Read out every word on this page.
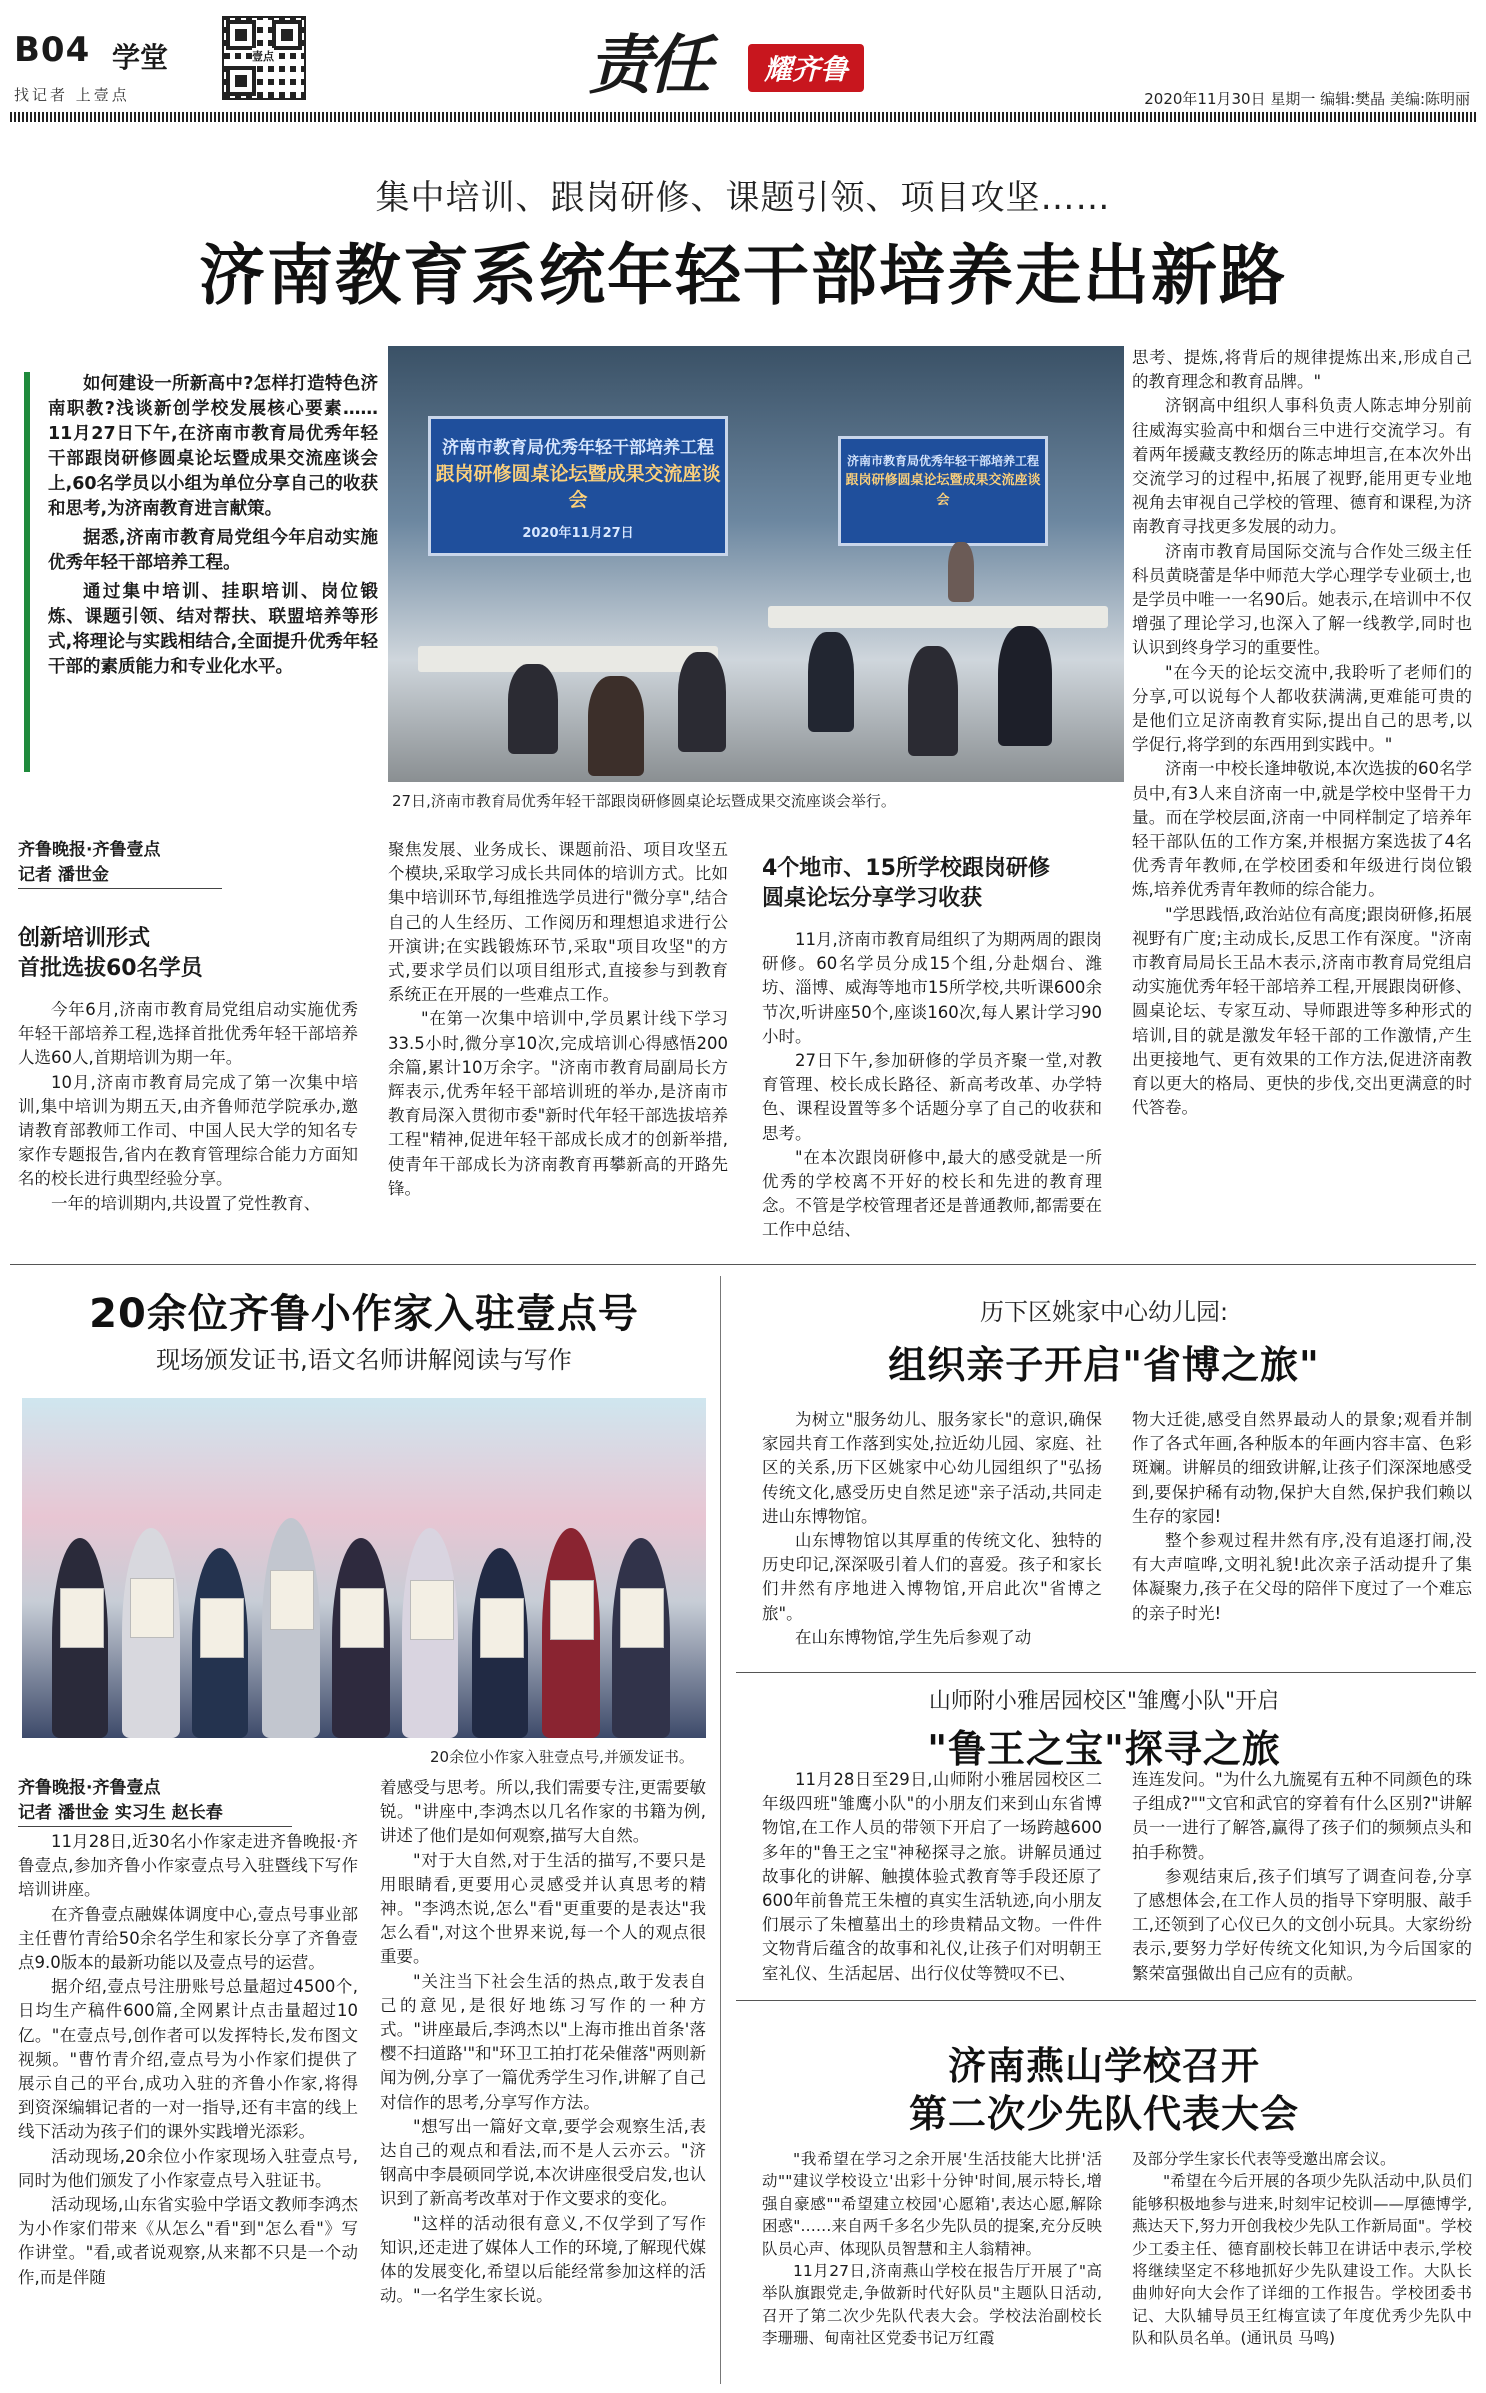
B04 学堂
找记者 上壹点
壹点	责任	耀齐鲁
2020年11月30日 星期一 编辑:樊晶 美编:陈明丽
集中培训、跟岗研修、课题引领、项目攻坚……
济南教育系统年轻干部培养走出新路

如何建设一所新高中?怎样打造特色济南职教?浅谈新创学校发展核心要素……11月27日下午,在济南市教育局优秀年轻干部跟岗研修圆桌论坛暨成果交流座谈会上,60名学员以小组为单位分享自己的收获和思考,为济南教育进言献策。

据悉,济南市教育局党组今年启动实施优秀年轻干部培养工程。

通过集中培训、挂职培训、岗位锻炼、课题引领、结对帮扶、联盟培养等形式,将理论与实践相结合,全面提升优秀年轻干部的素质能力和专业化水平。

济南市教育局优秀年轻干部培养工程
跟岗研修圆桌论坛暨成果交流座谈会
2020年11月27日
济南市教育局优秀年轻干部培养工程
跟岗研修圆桌论坛暨成果交流座谈会
27日,济南市教育局优秀年轻干部跟岗研修圆桌论坛暨成果交流座谈会举行。
齐鲁晚报·齐鲁壹点
记者 潘世金
创新培训形式
首批选拔60名学员

今年6月,济南市教育局党组启动实施优秀年轻干部培养工程,选择首批优秀年轻干部培养人选60人,首期培训为期一年。

10月,济南市教育局完成了第一次集中培训,集中培训为期五天,由齐鲁师范学院承办,邀请教育部教师工作司、中国人民大学的知名专家作专题报告,省内在教育管理综合能力方面知名的校长进行典型经验分享。

一年的培训期内,共设置了党性教育、

聚焦发展、业务成长、课题前沿、项目攻坚五个模块,采取学习成长共同体的培训方式。比如集中培训环节,每组推选学员进行"微分享",结合自己的人生经历、工作阅历和理想追求进行公开演讲;在实践锻炼环节,采取"项目攻坚"的方式,要求学员们以项目组形式,直接参与到教育系统正在开展的一些难点工作。

"在第一次集中培训中,学员累计线下学习33.5小时,微分享10次,完成培训心得感悟200余篇,累计10万余字。"济南市教育局副局长方辉表示,优秀年轻干部培训班的举办,是济南市教育局深入贯彻市委"新时代年轻干部选拔培养工程"精神,促进年轻干部成长成才的创新举措,使青年干部成长为济南教育再攀新高的开路先锋。

4个地市、15所学校跟岗研修
圆桌论坛分享学习收获

11月,济南市教育局组织了为期两周的跟岗研修。60名学员分成15个组,分赴烟台、潍坊、淄博、威海等地市15所学校,共听课600余节次,听讲座50个,座谈160次,每人累计学习90小时。

27日下午,参加研修的学员齐聚一堂,对教育管理、校长成长路径、新高考改革、办学特色、课程设置等多个话题分享了自己的收获和思考。

"在本次跟岗研修中,最大的感受就是一所优秀的学校离不开好的校长和先进的教育理念。不管是学校管理者还是普通教师,都需要在工作中总结、

思考、提炼,将背后的规律提炼出来,形成自己的教育理念和教育品牌。"

济钢高中组织人事科负责人陈志坤分别前往威海实验高中和烟台三中进行交流学习。有着两年援藏支教经历的陈志坤坦言,在本次外出交流学习的过程中,拓展了视野,能用更专业地视角去审视自己学校的管理、德育和课程,为济南教育寻找更多发展的动力。

济南市教育局国际交流与合作处三级主任科员黄晓蕾是华中师范大学心理学专业硕士,也是学员中唯一一名90后。她表示,在培训中不仅增强了理论学习,也深入了解一线教学,同时也认识到终身学习的重要性。

"在今天的论坛交流中,我聆听了老师们的分享,可以说每个人都收获满满,更难能可贵的是他们立足济南教育实际,提出自己的思考,以学促行,将学到的东西用到实践中。"

济南一中校长逢坤敬说,本次选拔的60名学员中,有3人来自济南一中,就是学校中坚骨干力量。而在学校层面,济南一中同样制定了培养年轻干部队伍的工作方案,并根据方案选拔了4名优秀青年教师,在学校团委和年级进行岗位锻炼,培养优秀青年教师的综合能力。

"学思践悟,政治站位有高度;跟岗研修,拓展视野有广度;主动成长,反思工作有深度。"济南市教育局局长王品木表示,济南市教育局党组启动实施优秀年轻干部培养工程,开展跟岗研修、圆桌论坛、专家互动、导师跟进等多种形式的培训,目的就是激发年轻干部的工作激情,产生出更接地气、更有效果的工作方法,促进济南教育以更大的格局、更快的步伐,交出更满意的时代答卷。

20余位齐鲁小作家入驻壹点号
现场颁发证书,语文名师讲解阅读与写作
20余位小作家入驻壹点号,并颁发证书。
齐鲁晚报·齐鲁壹点
记者 潘世金 实习生 赵长春

11月28日,近30名小作家走进齐鲁晚报·齐鲁壹点,参加齐鲁小作家壹点号入驻暨线下写作培训讲座。

在齐鲁壹点融媒体调度中心,壹点号事业部主任曹竹青给50余名学生和家长分享了齐鲁壹点9.0版本的最新功能以及壹点号的运营。

据介绍,壹点号注册账号总量超过4500个,日均生产稿件600篇,全网累计点击量超过10亿。"在壹点号,创作者可以发挥特长,发布图文视频。"曹竹青介绍,壹点号为小作家们提供了展示自己的平台,成功入驻的齐鲁小作家,将得到资深编辑记者的一对一指导,还有丰富的线上线下活动为孩子们的课外实践增光添彩。

活动现场,20余位小作家现场入驻壹点号,同时为他们颁发了小作家壹点号入驻证书。

活动现场,山东省实验中学语文教师李鸿杰为小作家们带来《从怎么"看"到"怎么看"》写作讲堂。"看,或者说观察,从来都不只是一个动作,而是伴随

着感受与思考。所以,我们需要专注,更需要敏锐。"讲座中,李鸿杰以几名作家的书籍为例,讲述了他们是如何观察,描写大自然。

"对于大自然,对于生活的描写,不要只是用眼睛看,更要用心灵感受并认真思考的精神。"李鸿杰说,怎么"看"更重要的是表达"我怎么看",对这个世界来说,每一个人的观点很重要。

"关注当下社会生活的热点,敢于发表自己的意见,是很好地练习写作的一种方式。"讲座最后,李鸿杰以"上海市推出首条'落樱不扫道路'"和"环卫工拍打花朵催落"两则新闻为例,分享了一篇优秀学生习作,讲解了自己对信作的思考,分享写作方法。

"想写出一篇好文章,要学会观察生活,表达自己的观点和看法,而不是人云亦云。"济钢高中李晨硕同学说,本次讲座很受启发,也认识到了新高考改革对于作文要求的变化。

"这样的活动很有意义,不仅学到了写作知识,还走进了媒体人工作的环境,了解现代媒体的发展变化,希望以后能经常参加这样的活动。"一名学生家长说。

历下区姚家中心幼儿园:
组织亲子开启"省博之旅"

为树立"服务幼儿、服务家长"的意识,确保家园共育工作落到实处,拉近幼儿园、家庭、社区的关系,历下区姚家中心幼儿园组织了"弘扬传统文化,感受历史自然足迹"亲子活动,共同走进山东博物馆。

山东博物馆以其厚重的传统文化、独特的历史印记,深深吸引着人们的喜爱。孩子和家长们井然有序地进入博物馆,开启此次"省博之旅"。

在山东博物馆,学生先后参观了动

物大迁徙,感受自然界最动人的景象;观看并制作了各式年画,各种版本的年画内容丰富、色彩斑斓。讲解员的细致讲解,让孩子们深深地感受到,要保护稀有动物,保护大自然,保护我们赖以生存的家园!

整个参观过程井然有序,没有追逐打闹,没有大声喧哗,文明礼貌!此次亲子活动提升了集体凝聚力,孩子在父母的陪伴下度过了一个难忘的亲子时光!

山师附小雅居园校区"雏鹰小队"开启
"鲁王之宝"探寻之旅

11月28日至29日,山师附小雅居园校区二年级四班"雏鹰小队"的小朋友们来到山东省博物馆,在工作人员的带领下开启了一场跨越600多年的"鲁王之宝"神秘探寻之旅。讲解员通过故事化的讲解、触摸体验式教育等手段还原了600年前鲁荒王朱檀的真实生活轨迹,向小朋友们展示了朱檀墓出土的珍贵精品文物。一件件文物背后蕴含的故事和礼仪,让孩子们对明朝王室礼仪、生活起居、出行仪仗等赞叹不已、

连连发问。"为什么九旒冕有五种不同颜色的珠子组成?""文官和武官的穿着有什么区别?"讲解员一一进行了解答,赢得了孩子们的频频点头和拍手称赞。

参观结束后,孩子们填写了调查问卷,分享了感想体会,在工作人员的指导下穿明服、敲手工,还领到了心仪已久的文创小玩具。大家纷纷表示,要努力学好传统文化知识,为今后国家的繁荣富强做出自己应有的贡献。

济南燕山学校召开
第二次少先队代表大会

"我希望在学习之余开展'生活技能大比拼'活动""建议学校设立'出彩十分钟'时间,展示特长,增强自豪感""希望建立校园'心愿箱',表达心愿,解除困惑"……来自两千多名少先队员的提案,充分反映队员心声、体现队员智慧和主人翁精神。

11月27日,济南燕山学校在报告厅开展了"高举队旗跟党走,争做新时代好队员"主题队日活动,召开了第二次少先队代表大会。学校法治副校长李珊珊、甸南社区党委书记万红霞

及部分学生家长代表等受邀出席会议。

"希望在今后开展的各项少先队活动中,队员们能够积极地参与进来,时刻牢记校训——厚德博学,燕达天下,努力开创我校少先队工作新局面"。学校少工委主任、德育副校长韩卫在讲话中表示,学校将继续坚定不移地抓好少先队建设工作。大队长曲帅好向大会作了详细的工作报告。学校团委书记、大队辅导员王红梅宣读了年度优秀少先队中队和队员名单。(通讯员 马鸣)
